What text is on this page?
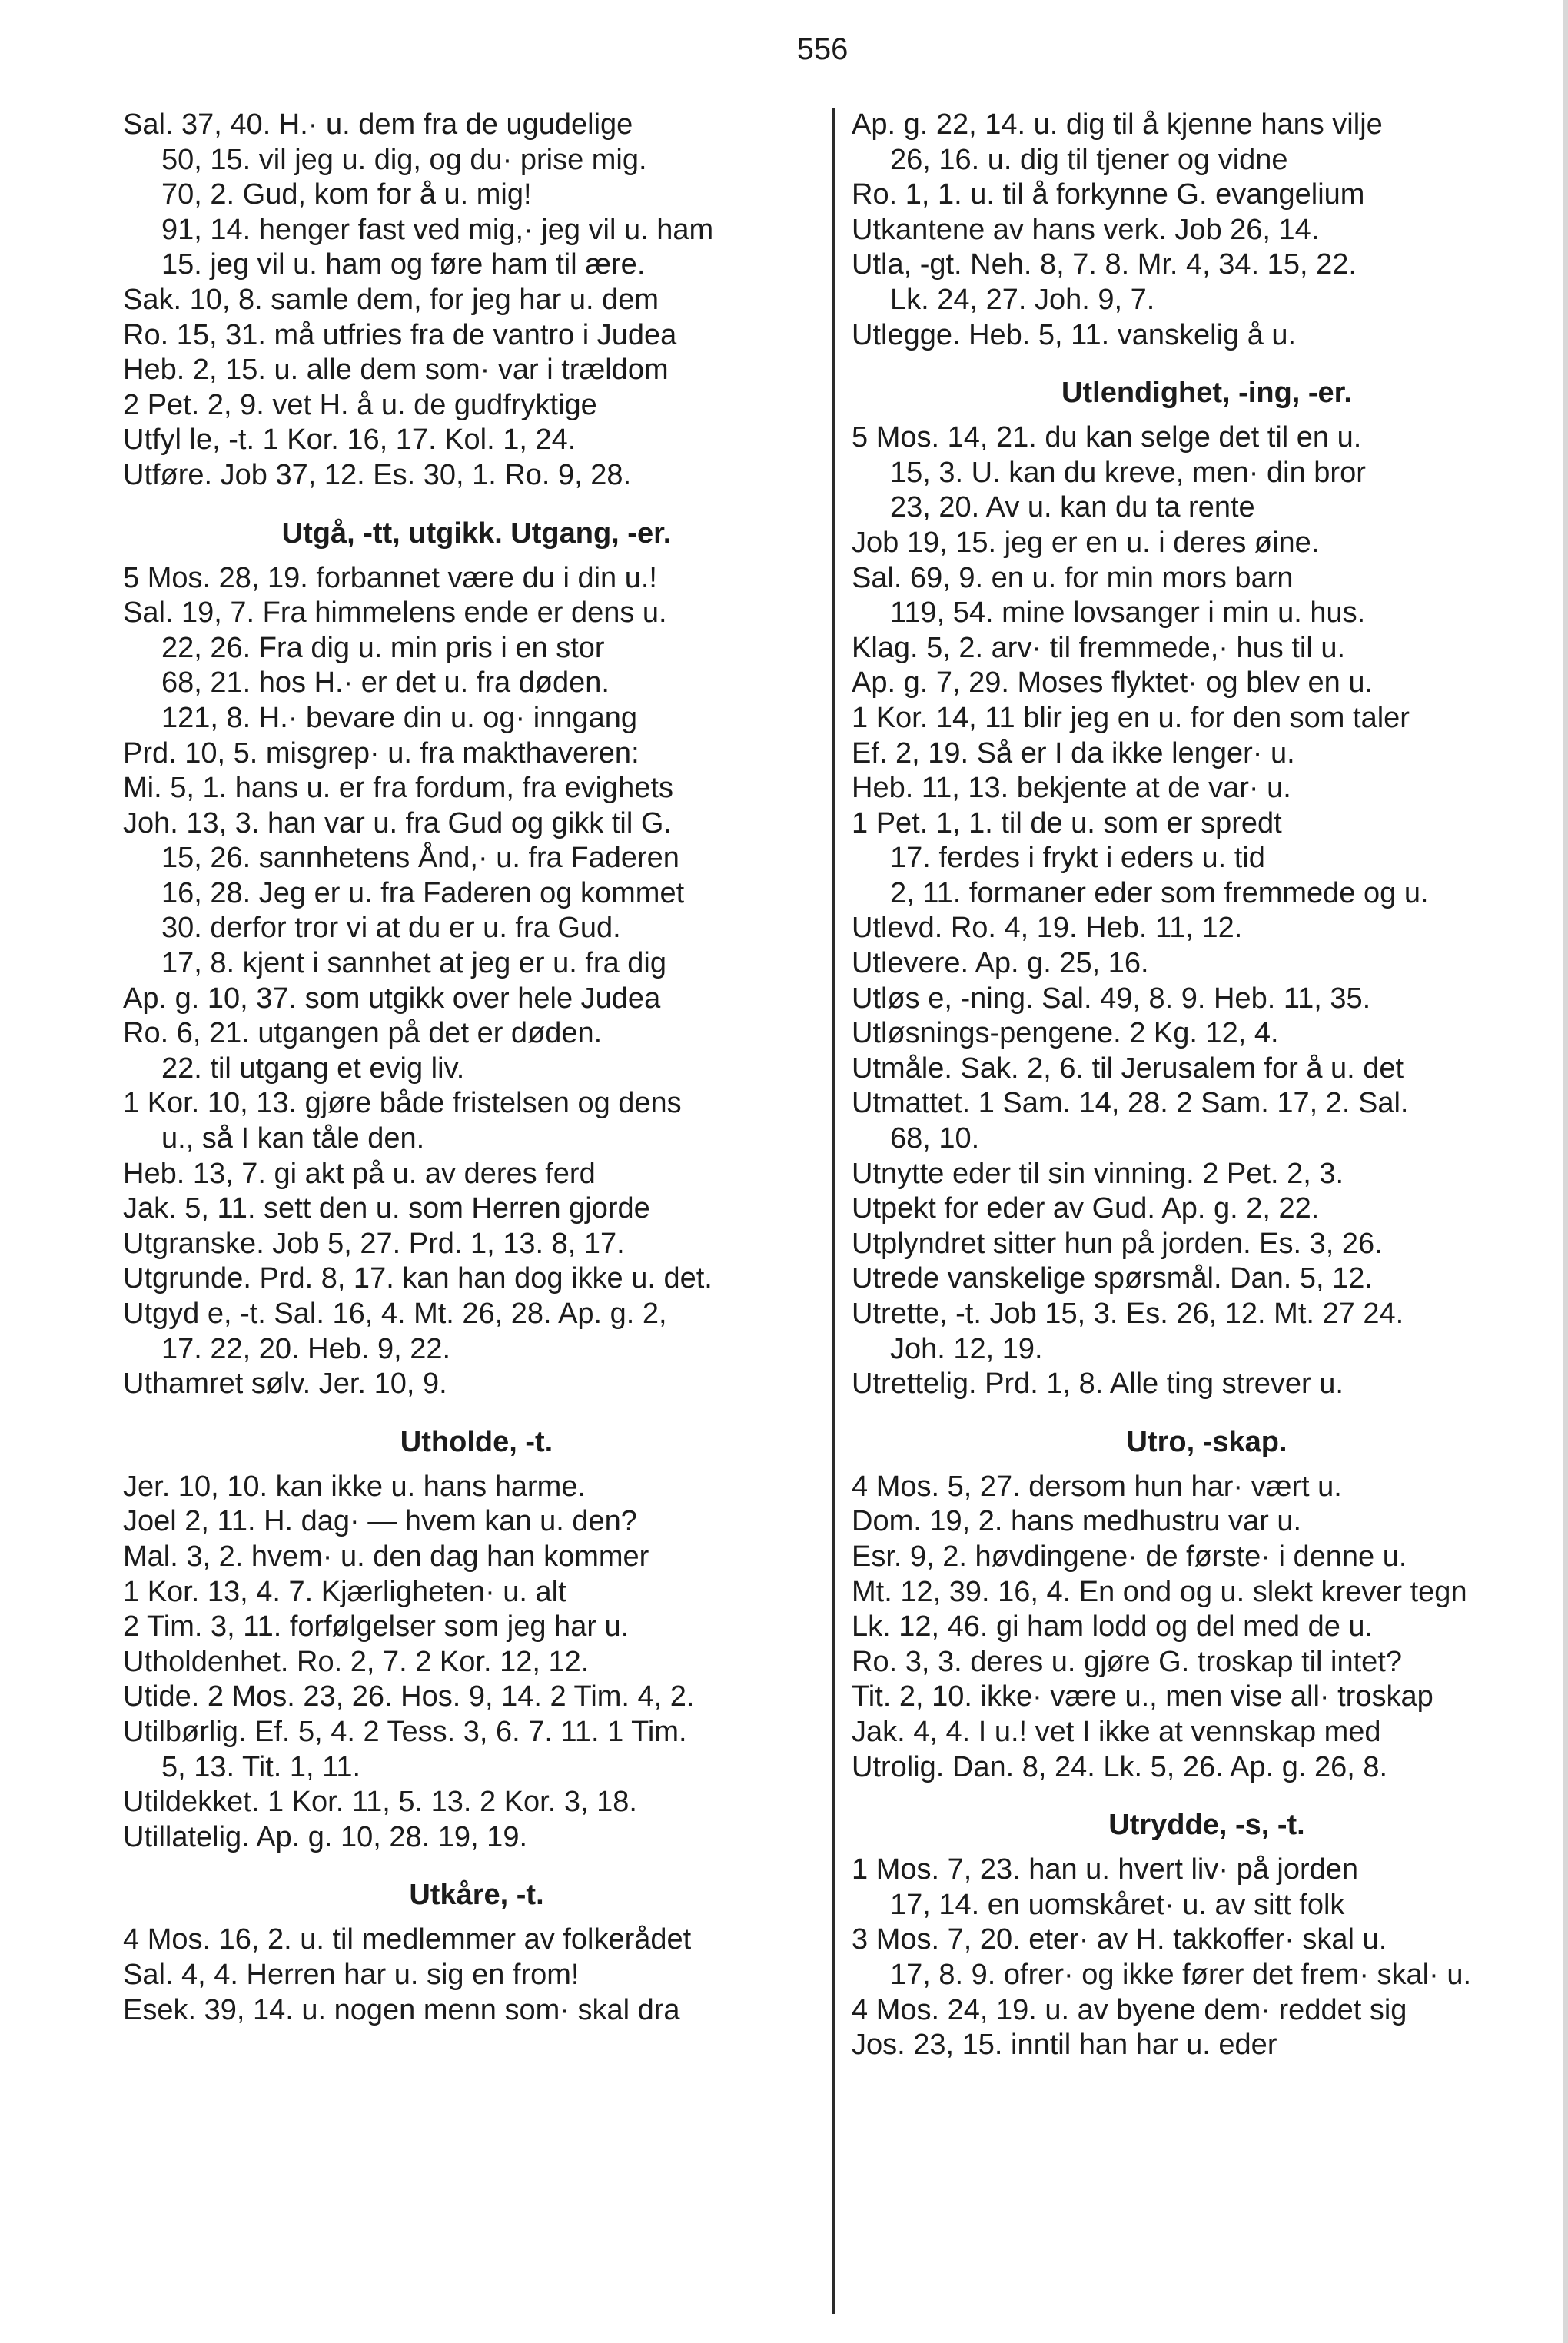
556
Sal. 37, 40. H.· u. dem fra de ugudelige
50, 15. vil jeg u. dig, og du· prise mig.
70, 2. Gud, kom for å u. mig!
91, 14. henger fast ved mig,· jeg vil u. ham
15. jeg vil u. ham og føre ham til ære.
Sak. 10, 8. samle dem, for jeg har u. dem
Ro. 15, 31. må utfries fra de vantro i Judea
Heb. 2, 15. u. alle dem som· var i trældom
2 Pet. 2, 9. vet H. å u. de gudfryktige
Utfyl le, -t. 1 Kor. 16, 17. Kol. 1, 24.
Utføre. Job 37, 12. Es. 30, 1. Ro. 9, 28.
Utgå, -tt, utgikk. Utgang, -er.
5 Mos. 28, 19. forbannet være du i din u.!
Sal. 19, 7. Fra himmelens ende er dens u.
22, 26. Fra dig u. min pris i en stor
68, 21. hos H.· er det u. fra døden.
121, 8. H.· bevare din u. og· inngang
Prd. 10, 5. misgrep· u. fra makthaveren:
Mi. 5, 1. hans u. er fra fordum, fra evighets
Joh. 13, 3. han var u. fra Gud og gikk til G.
15, 26. sannhetens Ånd,· u. fra Faderen
16, 28. Jeg er u. fra Faderen og kommet
30. derfor tror vi at du er u. fra Gud.
17, 8. kjent i sannhet at jeg er u. fra dig
Ap. g. 10, 37. som utgikk over hele Judea
Ro. 6, 21. utgangen på det er døden.
22. til utgang et evig liv.
1 Kor. 10, 13. gjøre både fristelsen og dens
u., så I kan tåle den.
Heb. 13, 7. gi akt på u. av deres ferd
Jak. 5, 11. sett den u. som Herren gjorde
Utgranske. Job 5, 27. Prd. 1, 13. 8, 17.
Utgrunde. Prd. 8, 17. kan han dog ikke u. det.
Utgyd e, -t. Sal. 16, 4. Mt. 26, 28. Ap. g. 2,
17. 22, 20. Heb. 9, 22.
Uthamret sølv. Jer. 10, 9.
Utholde, -t.
Jer. 10, 10. kan ikke u. hans harme.
Joel 2, 11. H. dag· — hvem kan u. den?
Mal. 3, 2. hvem· u. den dag han kommer
1 Kor. 13, 4. 7. Kjærligheten· u. alt
2 Tim. 3, 11. forfølgelser som jeg har u.
Utholdenhet. Ro. 2, 7. 2 Kor. 12, 12.
Utide. 2 Mos. 23, 26. Hos. 9, 14. 2 Tim. 4, 2.
Utilbørlig. Ef. 5, 4. 2 Tess. 3, 6. 7. 11. 1 Tim.
5, 13. Tit. 1, 11.
Utildekket. 1 Kor. 11, 5. 13. 2 Kor. 3, 18.
Utillatelig. Ap. g. 10, 28. 19, 19.
Utkåre, -t.
4 Mos. 16, 2. u. til medlemmer av folkerådet
Sal. 4, 4. Herren har u. sig en from!
Esek. 39, 14. u. nogen menn som· skal dra
Ap. g. 22, 14. u. dig til å kjenne hans vilje
26, 16. u. dig til tjener og vidne
Ro. 1, 1. u. til å forkynne G. evangelium
Utkantene av hans verk. Job 26, 14.
Utla, -gt. Neh. 8, 7. 8. Mr. 4, 34. 15, 22.
Lk. 24, 27. Joh. 9, 7.
Utlegge. Heb. 5, 11. vanskelig å u.
Utlendighet, -ing, -er.
5 Mos. 14, 21. du kan selge det til en u.
15, 3. U. kan du kreve, men· din bror
23, 20. Av u. kan du ta rente
Job 19, 15. jeg er en u. i deres øine.
Sal. 69, 9. en u. for min mors barn
119, 54. mine lovsanger i min u. hus.
Klag. 5, 2. arv· til fremmede,· hus til u.
Ap. g. 7, 29. Moses flyktet· og blev en u.
1 Kor. 14, 11 blir jeg en u. for den som taler
Ef. 2, 19. Så er I da ikke lenger· u.
Heb. 11, 13. bekjente at de var· u.
1 Pet. 1, 1. til de u. som er spredt
17. ferdes i frykt i eders u. tid
2, 11. formaner eder som fremmede og u.
Utlevd. Ro. 4, 19. Heb. 11, 12.
Utlevere. Ap. g. 25, 16.
Utløs e, -ning. Sal. 49, 8. 9. Heb. 11, 35.
Utløsnings-pengene. 2 Kg. 12, 4.
Utmåle. Sak. 2, 6. til Jerusalem for å u. det
Utmattet. 1 Sam. 14, 28. 2 Sam. 17, 2. Sal.
68, 10.
Utnytte eder til sin vinning. 2 Pet. 2, 3.
Utpekt for eder av Gud. Ap. g. 2, 22.
Utplyndret sitter hun på jorden. Es. 3, 26.
Utrede vanskelige spørsmål. Dan. 5, 12.
Utrette, -t. Job 15, 3. Es. 26, 12. Mt. 27 24.
Joh. 12, 19.
Utrettelig. Prd. 1, 8. Alle ting strever u.
Utro, -skap.
4 Mos. 5, 27. dersom hun har· vært u.
Dom. 19, 2. hans medhustru var u.
Esr. 9, 2. høvdingene· de første· i denne u.
Mt. 12, 39. 16, 4. En ond og u. slekt krever tegn
Lk. 12, 46. gi ham lodd og del med de u.
Ro. 3, 3. deres u. gjøre G. troskap til intet?
Tit. 2, 10. ikke· være u., men vise all· troskap
Jak. 4, 4. I u.! vet I ikke at vennskap med
Utrolig. Dan. 8, 24. Lk. 5, 26. Ap. g. 26, 8.
Utrydde, -s, -t.
1 Mos. 7, 23. han u. hvert liv· på jorden
17, 14. en uomskåret· u. av sitt folk
3 Mos. 7, 20. eter· av H. takkoffer· skal u.
17, 8. 9. ofrer· og ikke fører det frem· skal· u.
4 Mos. 24, 19. u. av byene dem· reddet sig
Jos. 23, 15. inntil han har u. eder
